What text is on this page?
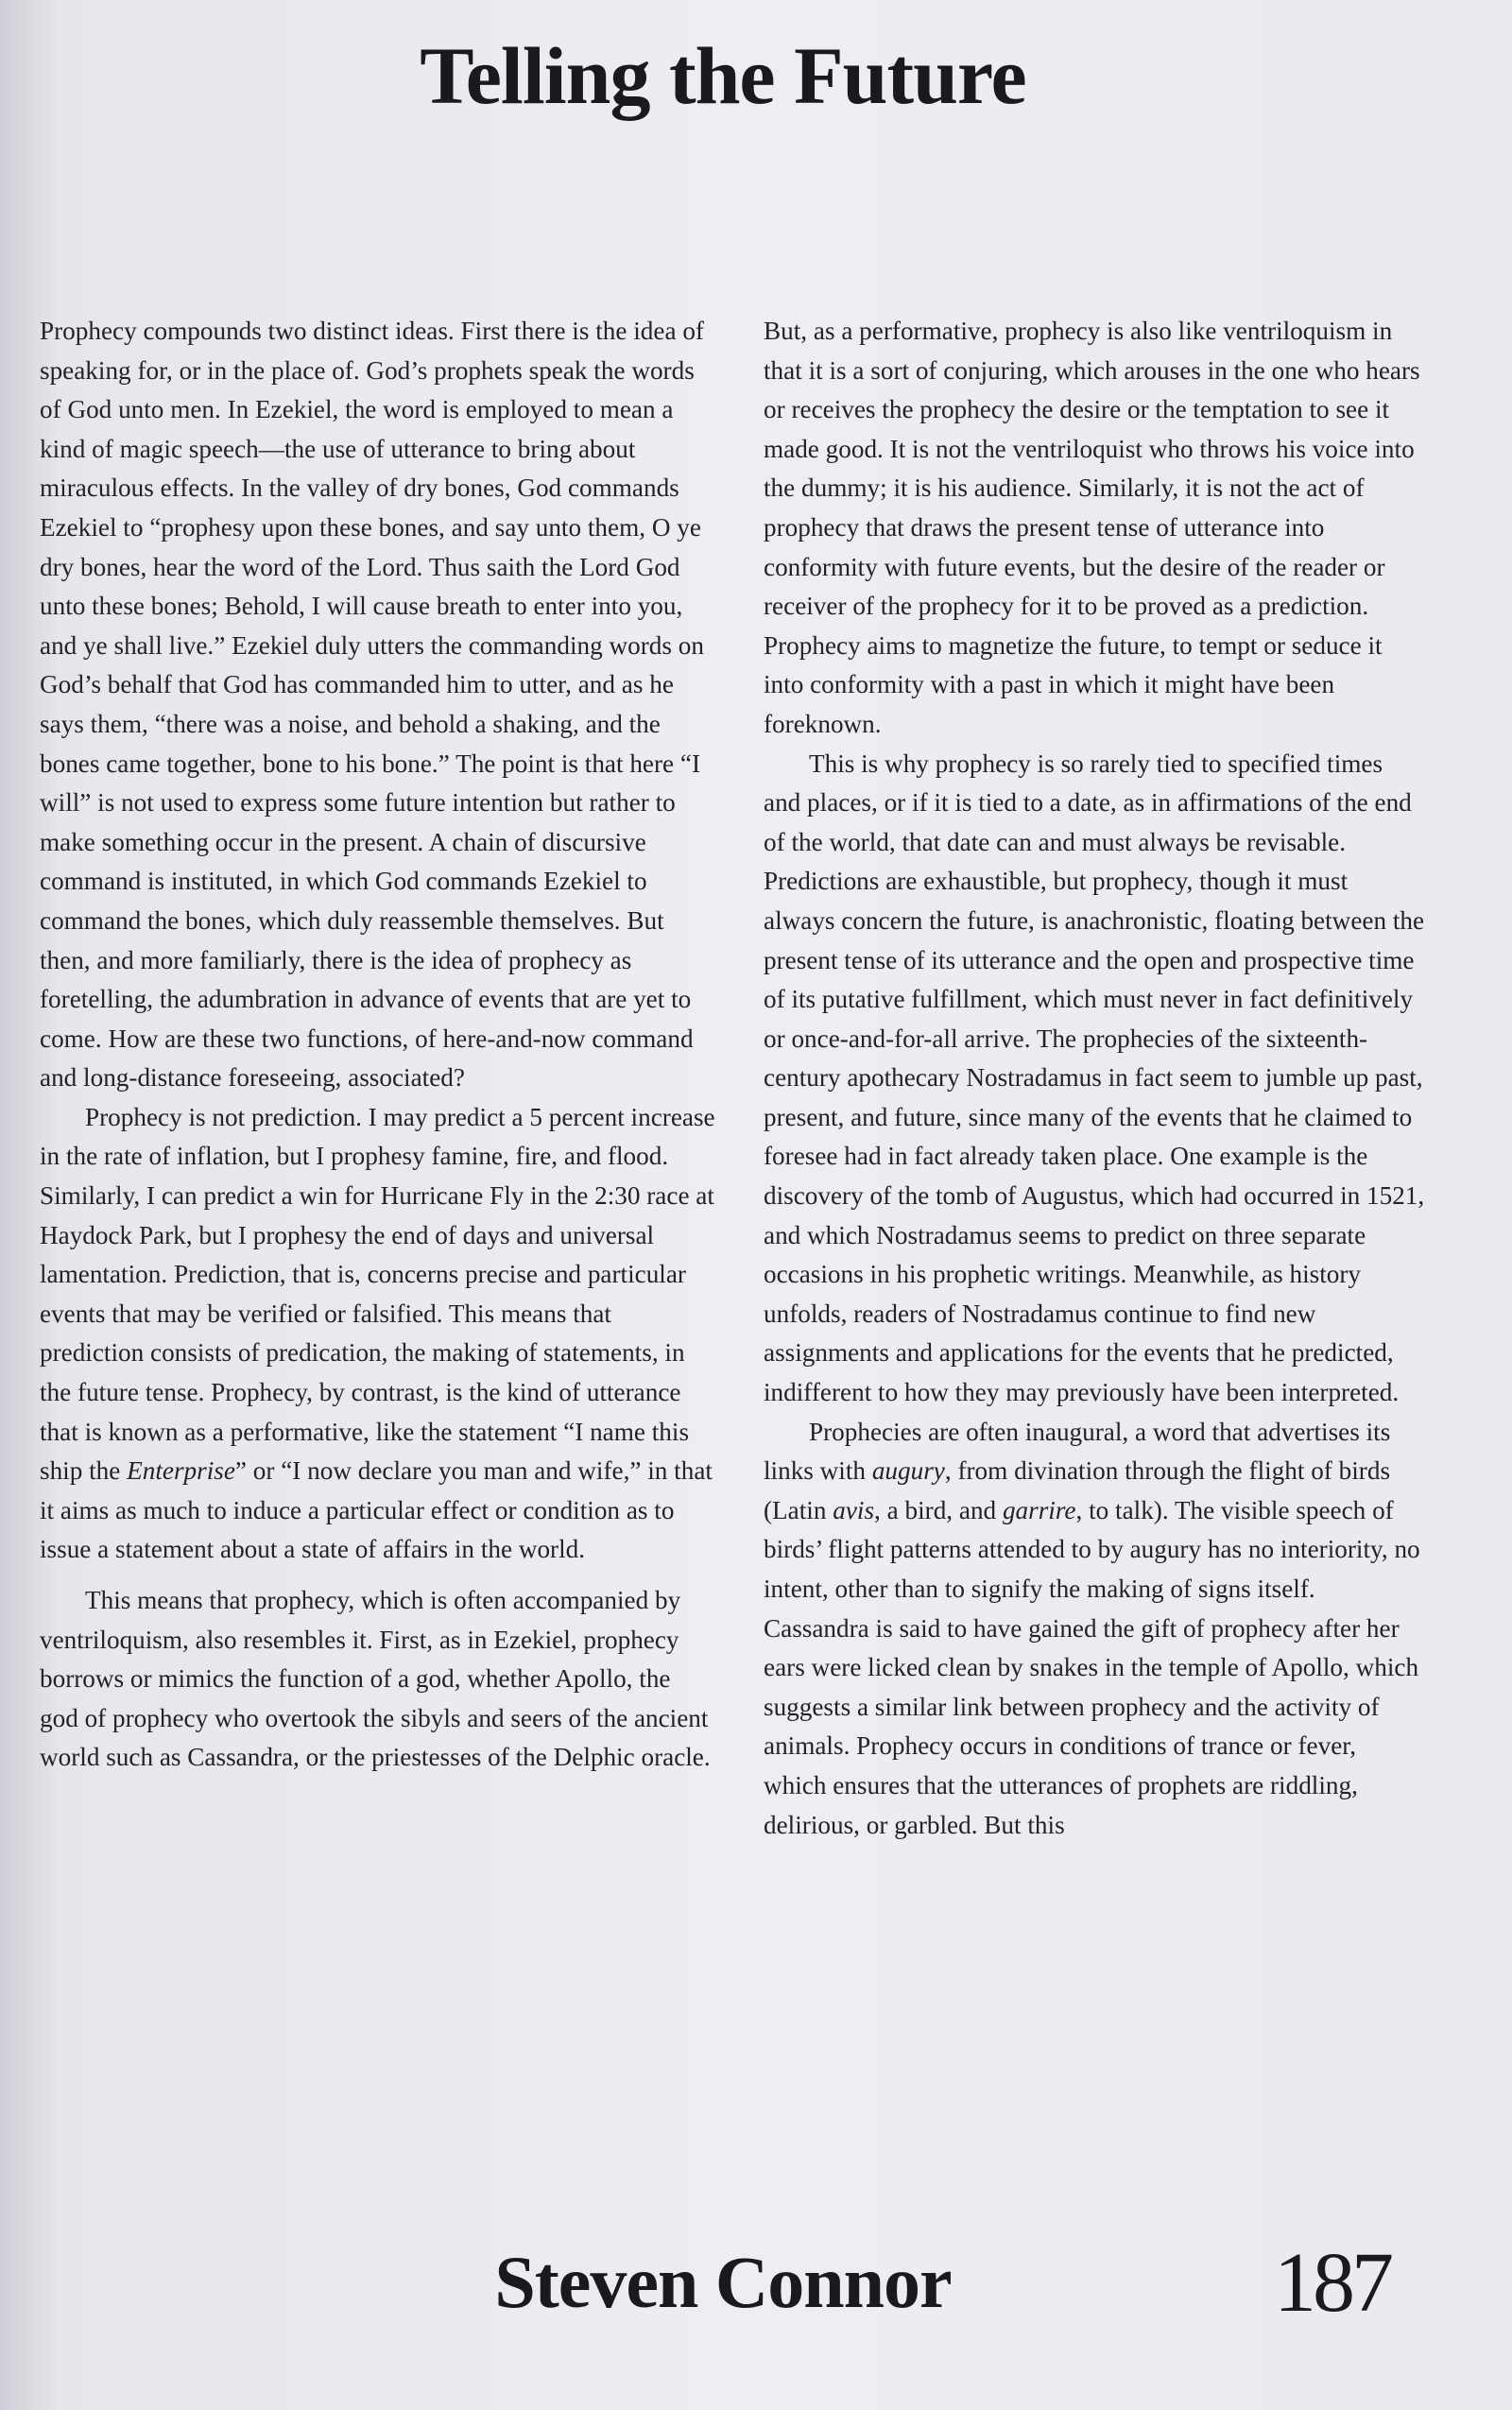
Telling the Future

Prophecy compounds two distinct ideas. First there is the idea of speaking for, or in the place of. God’s prophets speak the words of God unto men. In Ezekiel, the word is employed to mean a kind of magic speech—the use of utterance to bring about miraculous effects. In the valley of dry bones, God commands Ezekiel to “prophesy upon these bones, and say unto them, O ye dry bones, hear the word of the Lord. Thus saith the Lord God unto these bones; Behold, I will cause breath to enter into you, and ye shall live.” Ezekiel duly utters the commanding words on God’s behalf that God has commanded him to utter, and as he says them, “there was a noise, and behold a shaking, and the bones came together, bone to his bone.” The point is that here “I will” is not used to express some future intention but rather to make something occur in the present. A chain of discursive command is instituted, in which God commands Ezekiel to command the bones, which duly reassemble themselves. But then, and more familiarly, there is the idea of prophecy as foretelling, the adumbration in advance of events that are yet to come. How are these two functions, of here-and-now command and long-distance foreseeing, associated?

Prophecy is not prediction. I may predict a 5 percent increase in the rate of inflation, but I prophesy famine, fire, and flood. Similarly, I can predict a win for Hurricane Fly in the 2:30 race at Haydock Park, but I prophesy the end of days and universal lamentation. Prediction, that is, concerns precise and particular events that may be verified or falsified. This means that prediction consists of predication, the making of statements, in the future tense. Prophecy, by contrast, is the kind of utterance that is known as a performative, like the statement “I name this ship the Enterprise” or “I now declare you man and wife,” in that it aims as much to induce a particular effect or condition as to issue a statement about a state of affairs in the world.

This means that prophecy, which is often accompanied by ventriloquism, also resembles it. First, as in Ezekiel, prophecy borrows or mimics the function of a god, whether Apollo, the god of prophecy who overtook the sibyls and seers of the ancient world such as Cassandra, or the priestesses of the Delphic oracle.

But, as a performative, prophecy is also like ventriloquism in that it is a sort of conjuring, which arouses in the one who hears or receives the prophecy the desire or the temptation to see it made good. It is not the ventriloquist who throws his voice into the dummy; it is his audience. Similarly, it is not the act of prophecy that draws the present tense of utterance into conformity with future events, but the desire of the reader or receiver of the prophecy for it to be proved as a prediction. Prophecy aims to magnetize the future, to tempt or seduce it into conformity with a past in which it might have been foreknown.

This is why prophecy is so rarely tied to specified times and places, or if it is tied to a date, as in affirmations of the end of the world, that date can and must always be revisable. Predictions are exhaustible, but prophecy, though it must always concern the future, is anachronistic, floating between the present tense of its utterance and the open and prospective time of its putative fulfillment, which must never in fact definitively or once-and-for-all arrive. The prophecies of the sixteenth-century apothecary Nostradamus in fact seem to jumble up past, present, and future, since many of the events that he claimed to foresee had in fact already taken place. One example is the discovery of the tomb of Augustus, which had occurred in 1521, and which Nostradamus seems to predict on three separate occasions in his prophetic writings. Meanwhile, as history unfolds, readers of Nostradamus continue to find new assignments and applications for the events that he predicted, indifferent to how they may previously have been interpreted.

Prophecies are often inaugural, a word that advertises its links with augury, from divination through the flight of birds (Latin avis, a bird, and garrire, to talk). The visible speech of birds’ flight patterns attended to by augury has no interiority, no intent, other than to signify the making of signs itself. Cassandra is said to have gained the gift of prophecy after her ears were licked clean by snakes in the temple of Apollo, which suggests a similar link between prophecy and the activity of animals. Prophecy occurs in conditions of trance or fever, which ensures that the utterances of prophets are riddling, delirious, or garbled. But this

Steven Connor	187
